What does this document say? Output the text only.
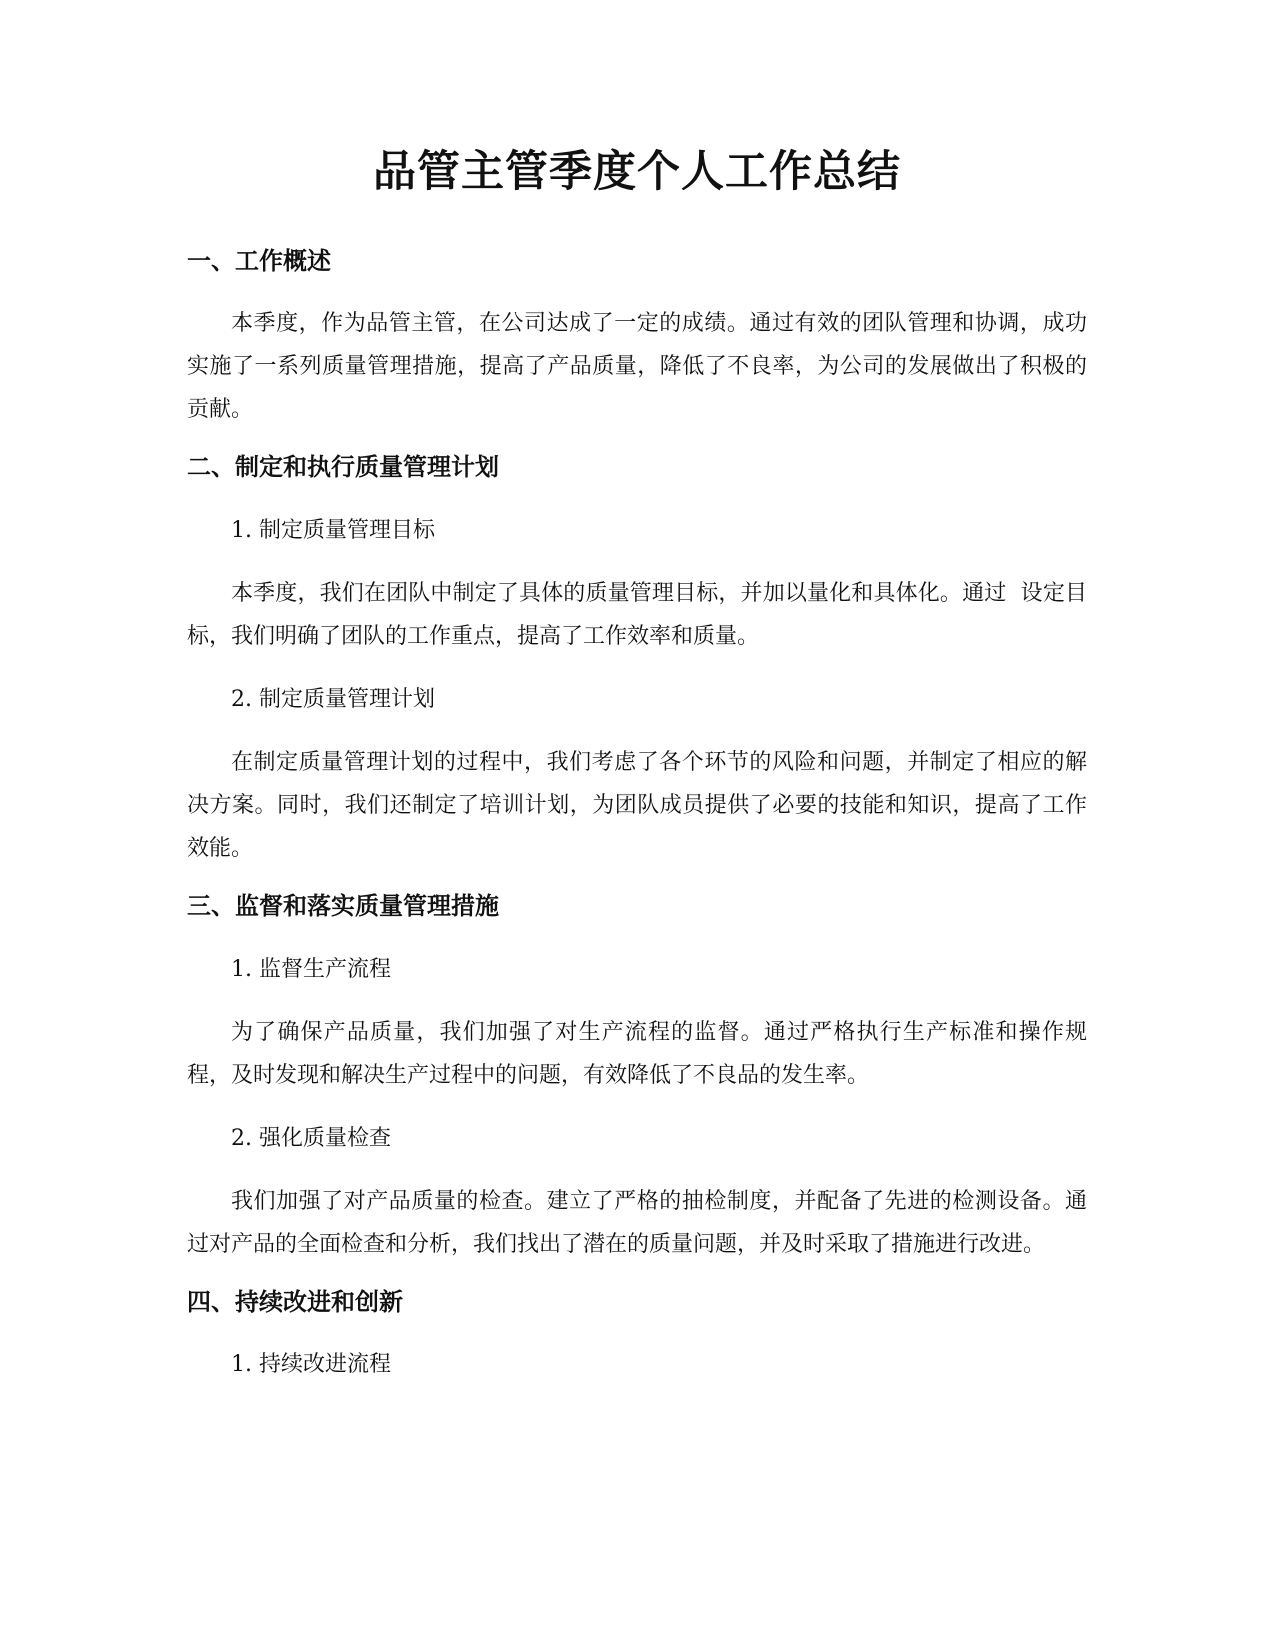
品管主管季度个人工作总结
一、工作概述

本季度，作为品管主管，在公司达成了一定的成绩。通过有效的团队管理和协调，成功实施了一系列质量管理措施，提高了产品质量，降低了不良率，为公司的发展做出了积极的贡献。

二、制定和执行质量管理计划
1. 制定质量管理目标

本季度，我们在团队中制定了具体的质量管理目标，并加以量化和具体化。通过  设定目标，我们明确了团队的工作重点，提高了工作效率和质量。

2. 制定质量管理计划

在制定质量管理计划的过程中，我们考虑了各个环节的风险和问题，并制定了相应的解决方案。同时，我们还制定了培训计划，为团队成员提供了必要的技能和知识，提高了工作效能。

三、监督和落实质量管理措施
1. 监督生产流程

为了确保产品质量，我们加强了对生产流程的监督。通过严格执行生产标准和操作规程，及时发现和解决生产过程中的问题，有效降低了不良品的发生率。

2. 强化质量检查

我们加强了对产品质量的检查。建立了严格的抽检制度，并配备了先进的检测设备。通过对产品的全面检查和分析，我们找出了潜在的质量问题，并及时采取了措施进行改进。

四、持续改进和创新
1. 持续改进流程
